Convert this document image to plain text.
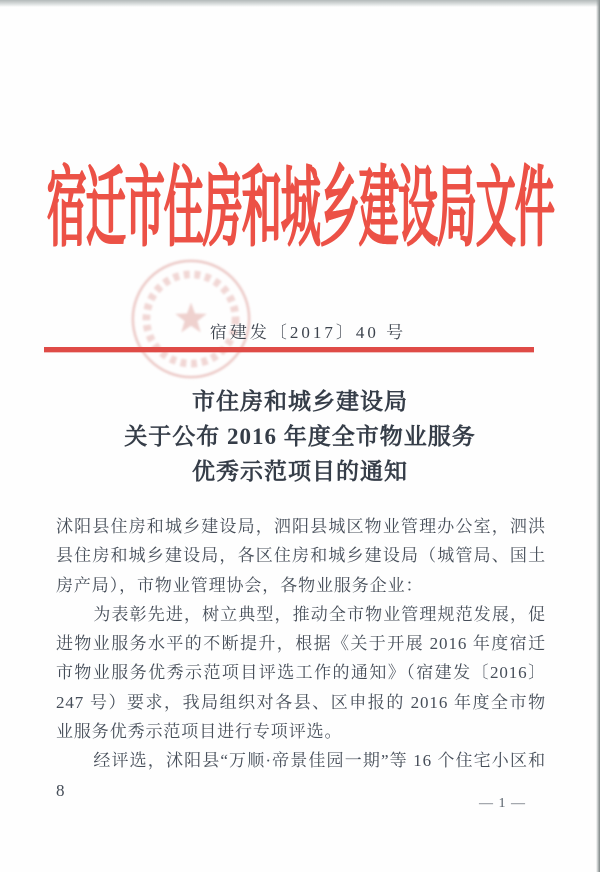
宿迁市住房和城乡建设局文件
宿建发〔2017〕40 号
市住房和城乡建设局
关于公布 2016 年度全市物业服务
优秀示范项目的通知

沭阳县住房和城乡建设局，泗阳县城区物业管理办公室，泗洪县住房和城乡建设局，各区住房和城乡建设局（城管局、国土房产局），市物业管理协会，各物业服务企业：

为表彰先进，树立典型，推动全市物业管理规范发展，促进物业服务水平的不断提升，根据《关于开展 2016 年度宿迁市物业服务优秀示范项目评选工作的通知》（宿建发〔2016〕247 号）要求，我局组织对各县、区申报的 2016 年度全市物业服务优秀示范项目进行专项评选。

经评选，沭阳县“万顺·帝景佳园一期”等 16 个住宅小区和 8

— 1 —
